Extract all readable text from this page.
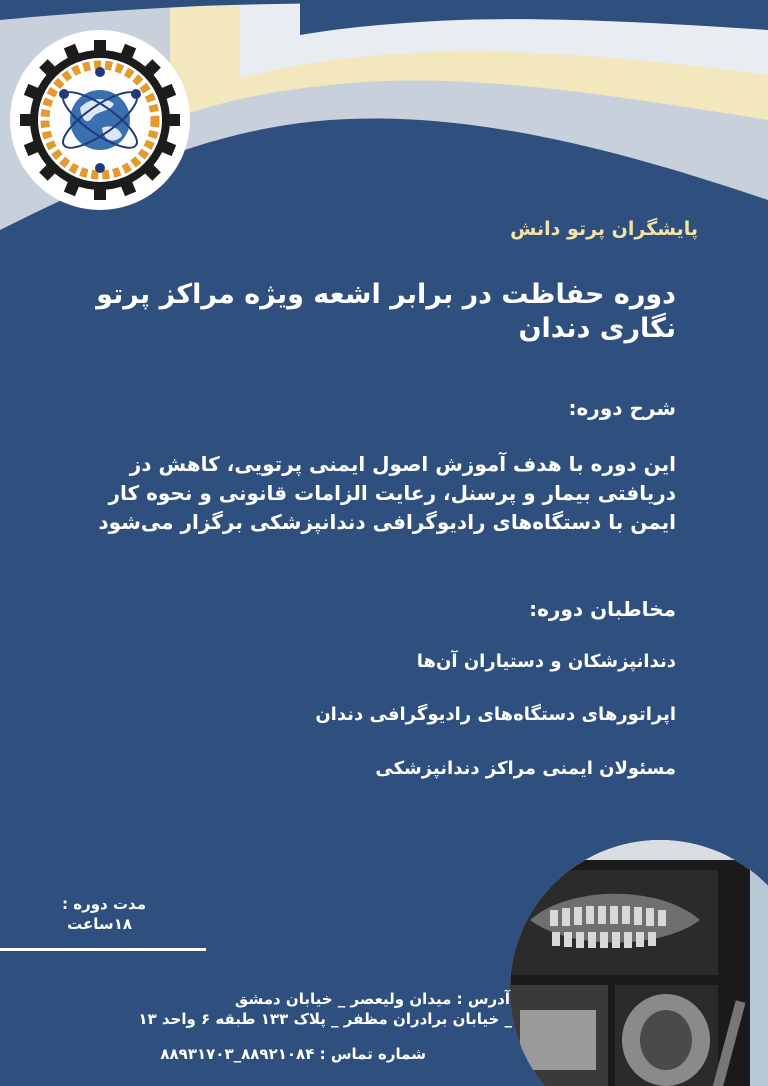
پایشگران پرتو دانش
دوره حفاظت در برابر اشعه ویژه مراکز پرتو نگاری دندان
شرح دوره:
این دوره با هدف آموزش اصول ایمنی پرتویی، کاهش دز دریافتی بیمار و پرسنل، رعایت الزامات قانونی و نحوه کار ایمن با دستگاه‌های رادیوگرافی دندانپزشکی برگزار می‌شود
مخاطبان دوره:
دندانپزشکان و دستیاران آن‌ها
اپراتورهای دستگاه‌های رادیوگرافی دندان
مسئولان ایمنی مراکز دندانپزشکی
مدت دوره :
۱۸ساعت
آدرس : میدان ولیعصر _ خیابان دمشق
_ خیابان برادران مظفر _ پلاک ۱۳۳ طبقه ۶ واحد ۱۳
شماره تماس : ۸۸۹۲۱۰۸۴_۸۸۹۳۱۷۰۳
